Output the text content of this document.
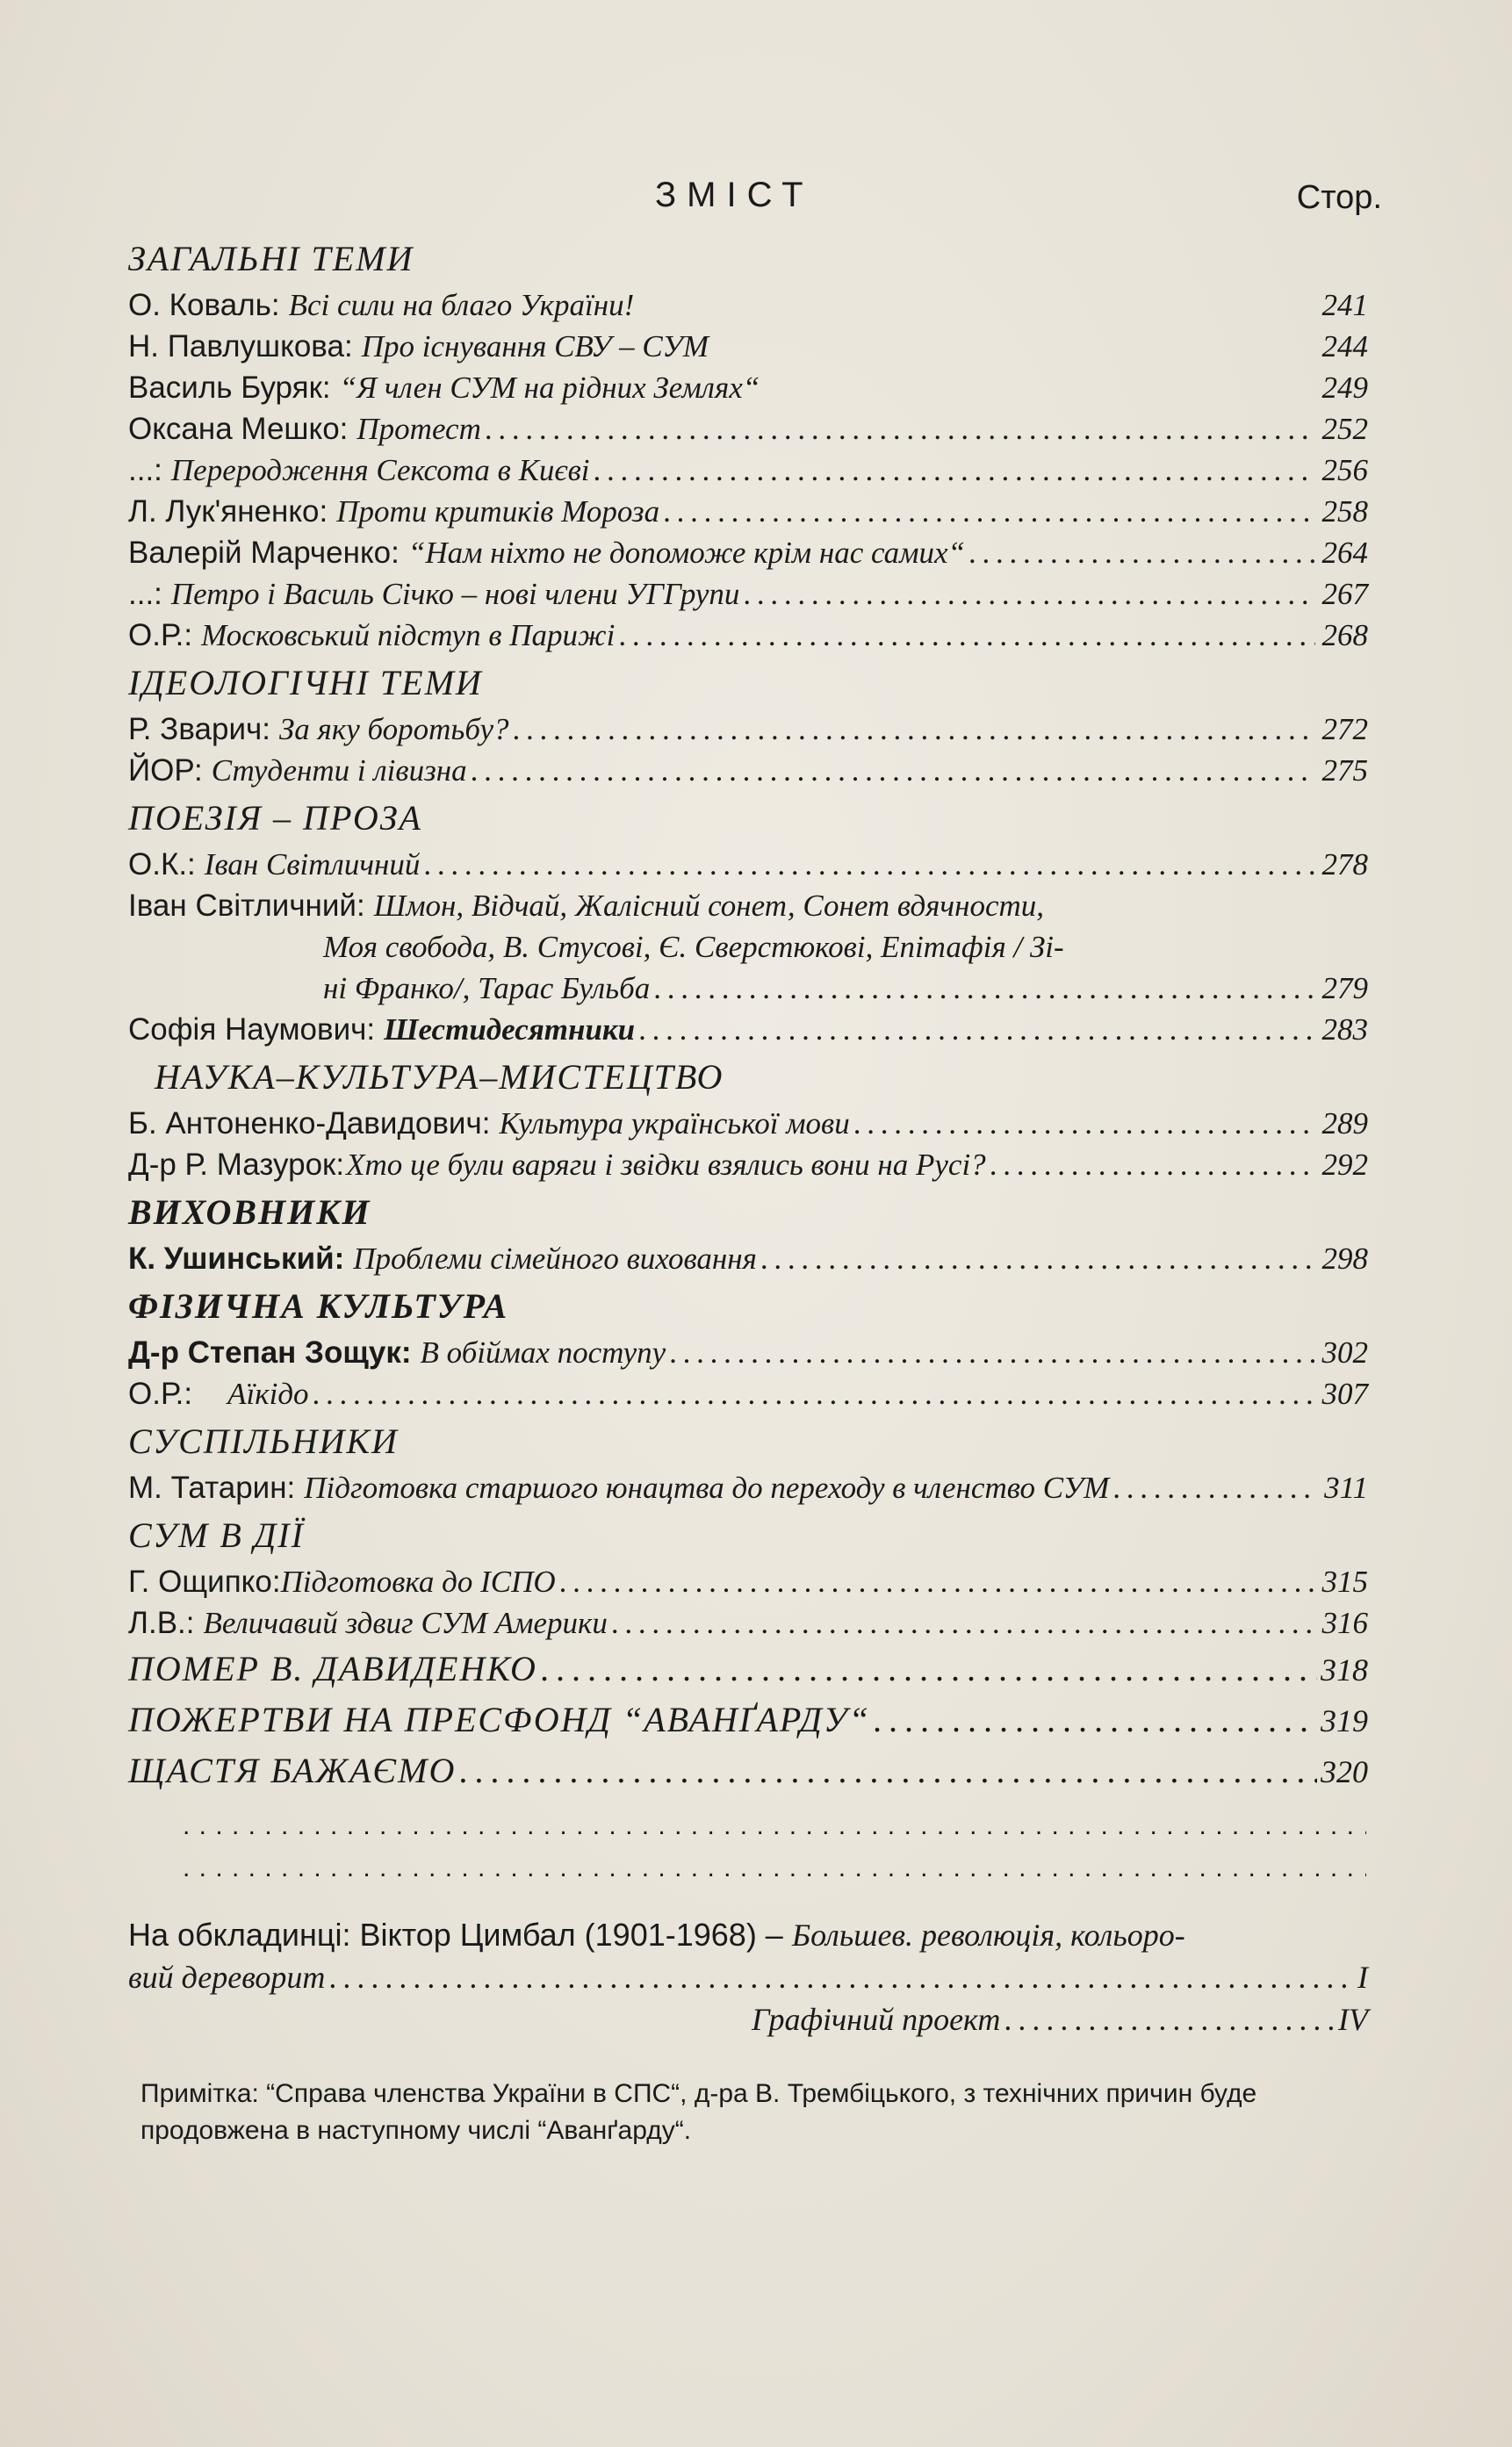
ЗМІСТ	Стор.
ЗАГАЛЬНІ ТЕМИ
О. Коваль: Всі сили на благо України!	241
Н. Павлушкова: Про існування СВУ – СУМ	244
Василь Буряк: “Я член СУМ на рідних Землях“	249
Оксана Мешко: Протест . . .	252
...: Переродження Сексота в Києві . . .	256
Л. Лук'яненко: Проти критиків Мороза . . .	258
Валерій Марченко: “Нам ніхто не допоможе крім нас самих“ . . .	264
...: Петро і Василь Січко – нові члени УГГрупи . . .	267
О.Р.: Московський підступ в Парижі . . .	268
ІДЕОЛОГІЧНІ ТЕМИ
Р. Зварич: За яку боротьбу? . . .	272
ЙОР: Студенти і лівизна . . .	275
ПОЕЗІЯ – ПРОЗА
О.К.: Іван Світличний . . .	278
Іван Світличний: Шмон, Відчай, Жалісний сонет, Сонет вдячности,
Моя свобода, В. Стусові, Є. Сверстюкові, Епітафія / Зі-
ні Франко/, Тарас Бульба . . .	279
Софія Наумович: Шестидесятники . . .	283
НАУКА–КУЛЬТУРА–МИСТЕЦТВО
Б. Антоненко-Давидович: Культура української мови . . .	289
Д-р Р. Мазурок: Хто це були варяги і звідки взялись вони на Русі? . . .	292
ВИХОВНИКИ
К. Ушинський: Проблеми сімейного виховання . . .	298
ФІЗИЧНА КУЛЬТУРА
Д-р Степан Зощук: В обіймах поступу . . .	302
О.Р.: Аїкідо . . .	307
СУСПІЛЬНИКИ
М. Татарин: Підготовка старшого юнацтва до переходу в членство СУМ . . .	311
СУМ В ДІЇ
Г. Ощипко: Підготовка до ІСПО . . .	315
Л.В.: Величавий здвиг СУМ Америки . . .	316
ПОМЕР В. ДАВИДЕНКО . . .	318
ПОЖЕРТВИ НА ПРЕСФОНД “АВАНҐАРДУ“ . . .	319
ЩАСТЯ БАЖАЄМО . . .	320
. . .
. . .
На обкладинці: Віктор Цимбал (1901-1968) – Большев. революція, кольоро-
вий дереворит . . .	I
Графічний проект . . .	IV
Примітка: “Справа членства України в СПС“, д-ра В. Трембіцького, з технічних причин буде продовжена в наступному числі “Аванґарду“.
